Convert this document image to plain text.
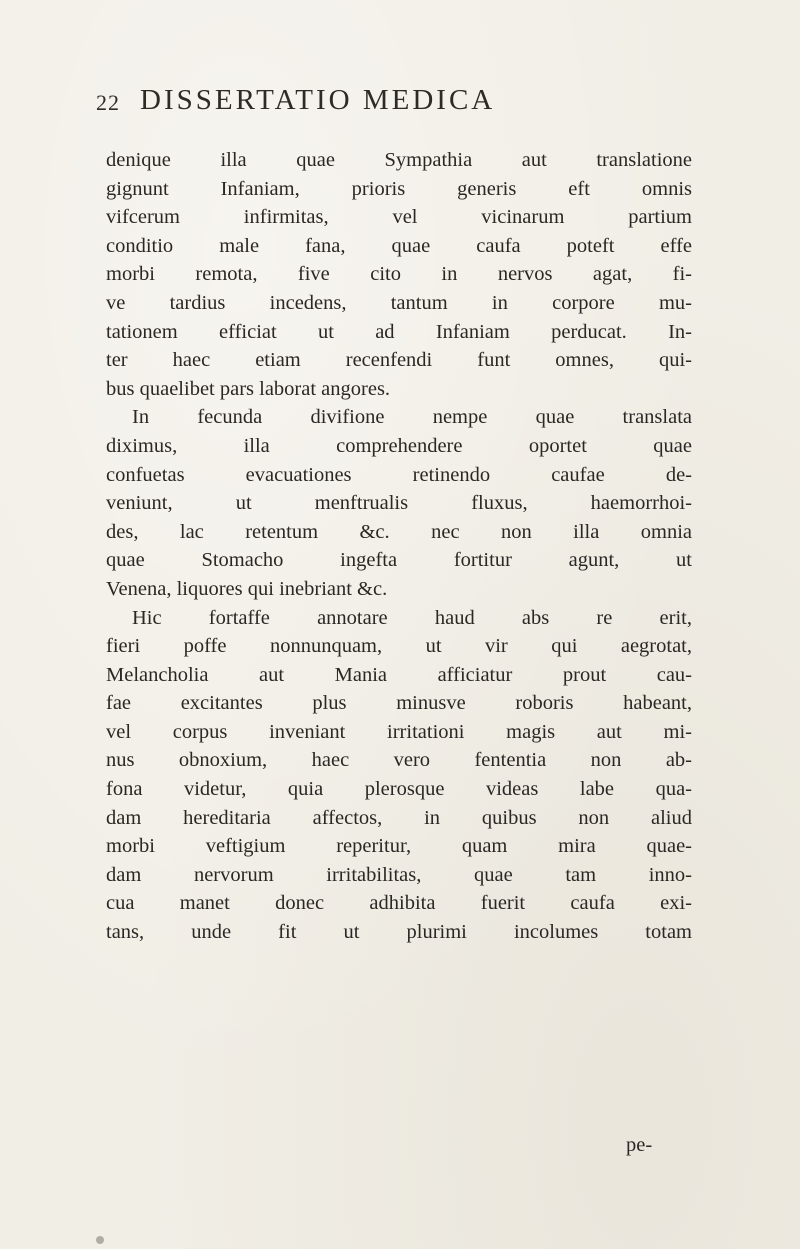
22 DISSERTATIO MEDICA
denique illa quae Sympathia aut translatione
gignunt Infaniam, prioris generis eft omnis
vifcerum infirmitas, vel vicinarum partium
conditio male fana, quae caufa poteft effe
morbi remota, five cito in nervos agat, fi-
ve tardius incedens, tantum in corpore mu-
tationem efficiat ut ad Infaniam perducat. In-
ter haec etiam recenfendi funt omnes, qui-
bus quaelibet pars laborat angores.
In fecunda divifione nempe quae translata
diximus, illa comprehendere oportet quae
confuetas evacuationes retinendo caufae de-
veniunt, ut menftrualis fluxus, haemorrhoi-
des, lac retentum &c. nec non illa omnia
quae Stomacho ingefta fortitur agunt, ut
Venena, liquores qui inebriant &c.
Hic fortaffe annotare haud abs re erit,
fieri poffe nonnunquam, ut vir qui aegrotat,
Melancholia aut Mania afficiatur prout cau-
fae excitantes plus minusve roboris habeant,
vel corpus inveniant irritationi magis aut mi-
nus obnoxium, haec vero fententia non ab-
fona videtur, quia plerosque videas labe qua-
dam hereditaria affectos, in quibus non aliud
morbi veftigium reperitur, quam mira quae-
dam nervorum irritabilitas, quae tam inno-
cua manet donec adhibita fuerit caufa exi-
tans, unde fit ut plurimi incolumes totam
pe-
